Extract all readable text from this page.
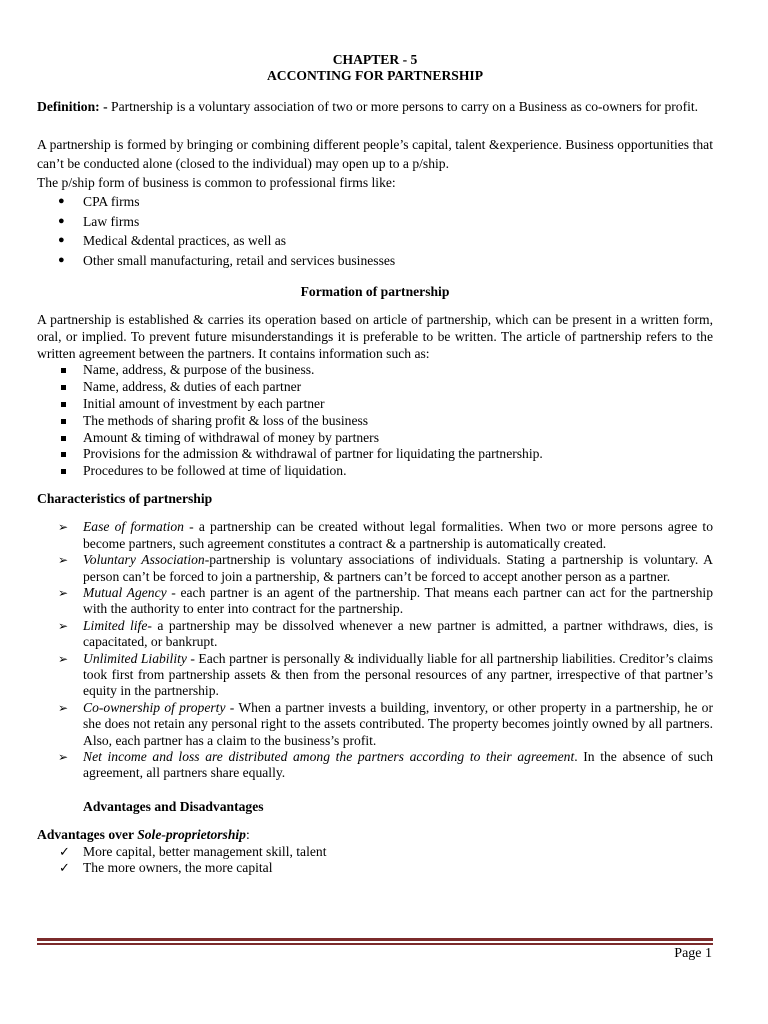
CHAPTER - 5

ACCONTING FOR PARTNERSHIP

Definition: - Partnership is a voluntary association of two or more persons to carry on a Business as co-owners for profit.

A partnership is formed by bringing or combining different people’s capital, talent &experience. Business opportunities that can’t be conducted alone (closed to the individual) may open up to a p/ship.

The p/ship form of business is common to professional firms like:

● CPA firms
● Law firms
● Medical &dental practices, as well as
● Other small manufacturing, retail and services businesses

Formation of partnership

A partnership is established & carries its operation based on article of partnership, which can be present in a written form, oral, or implied. To prevent future misunderstandings it is preferable to be written. The article of partnership refers to the written agreement between the partners. It contains information such as:

Name, address, & purpose of the business.
Name, address, & duties of each partner
Initial amount of investment by each partner
The methods of sharing profit & loss of the business
Amount & timing of withdrawal of money by partners
Provisions for the admission & withdrawal of partner for liquidating the partnership.
Procedures to be followed at time of liquidation.

Characteristics of partnership

➢ Ease of formation - a partnership can be created without legal formalities. When two or more persons agree to become partners, such agreement constitutes a contract & a partnership is automatically created.
➢ Voluntary Association-partnership is voluntary associations of individuals. Stating a partnership is voluntary. A person can’t be forced to join a partnership, & partners can’t be forced to accept another person as a partner.
➢ Mutual Agency - each partner is an agent of the partnership. That means each partner can act for the partnership with the authority to enter into contract for the partnership.
➢ Limited life- a partnership may be dissolved whenever a new partner is admitted, a partner withdraws, dies, is capacitated, or bankrupt.
➢ Unlimited Liability - Each partner is personally & individually liable for all partnership liabilities. Creditor’s claims took first from partnership assets & then from the personal resources of any partner, irrespective of that partner’s equity in the partnership.
➢ Co-ownership of property - When a partner invests a building, inventory, or other property in a partnership, he or she does not retain any personal right to the assets contributed. The property becomes jointly owned by all partners. Also, each partner has a claim to the business’s profit.
➢ Net income and loss are distributed among the partners according to their agreement. In the absence of such agreement, all partners share equally.

Advantages and Disadvantages

Advantages over Sole-proprietorship:

✓ More capital, better management skill, talent
✓ The more owners, the more capital
Page 1
